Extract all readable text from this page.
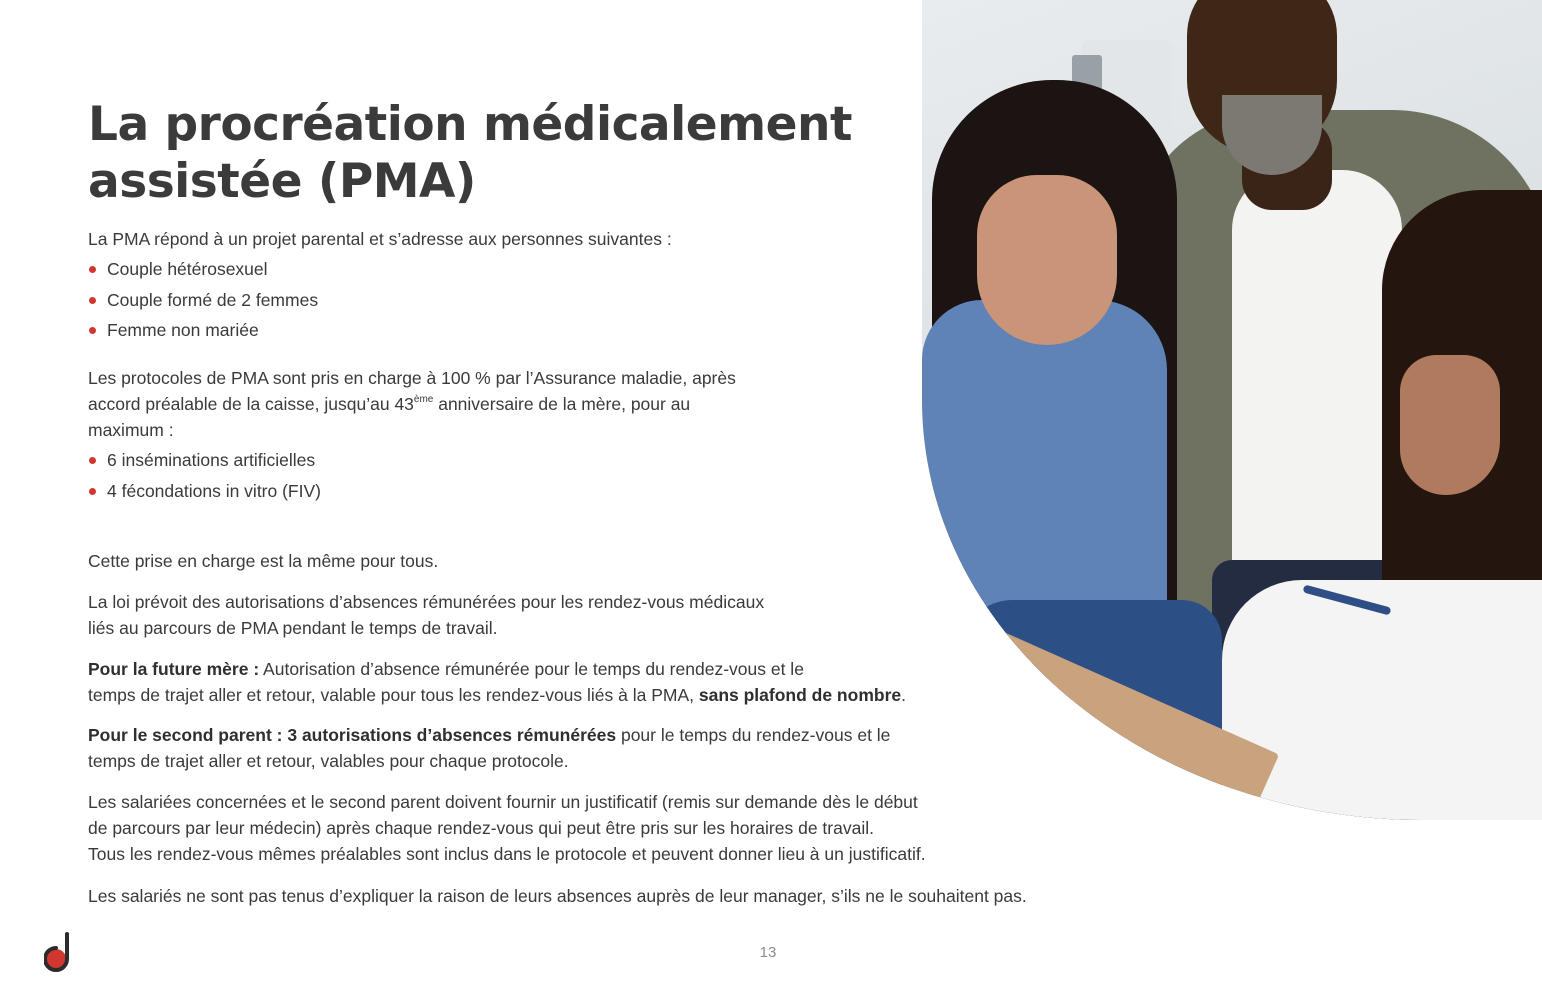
La procréation médicalement assistée (PMA)

La PMA répond à un projet parental et s’adresse aux personnes suivantes :

Couple hétérosexuel
Couple formé de 2 femmes
Femme non mariée
Les protocoles de PMA sont pris en charge à 100 % par l’Assurance maladie, après
accord préalable de la caisse, jusqu’au 43ème anniversaire de la mère, pour au
maximum :
6 inséminations artificielles
4 fécondations in vitro (FIV)

Cette prise en charge est la même pour tous.

La loi prévoit des autorisations d’absences rémunérées pour les rendez-vous médicaux
liés au parcours de PMA pendant le temps de travail.
Pour la future mère : Autorisation d’absence rémunérée pour le temps du rendez-vous et le
temps de trajet aller et retour, valable pour tous les rendez-vous liés à la PMA, sans plafond de nombre.
Pour le second parent : 3 autorisations d’absences rémunérées pour le temps du rendez-vous et le
temps de trajet aller et retour, valables pour chaque protocole.
Les salariées concernées et le second parent doivent fournir un justificatif (remis sur demande dès le début
de parcours par leur médecin) après chaque rendez-vous qui peut être pris sur les horaires de travail.
Tous les rendez-vous mêmes préalables sont inclus dans le protocole et peuvent donner lieu à un justificatif.

Les salariés ne sont pas tenus d’expliquer la raison de leurs absences auprès de leur manager, s’ils ne le souhaitent pas.

13
